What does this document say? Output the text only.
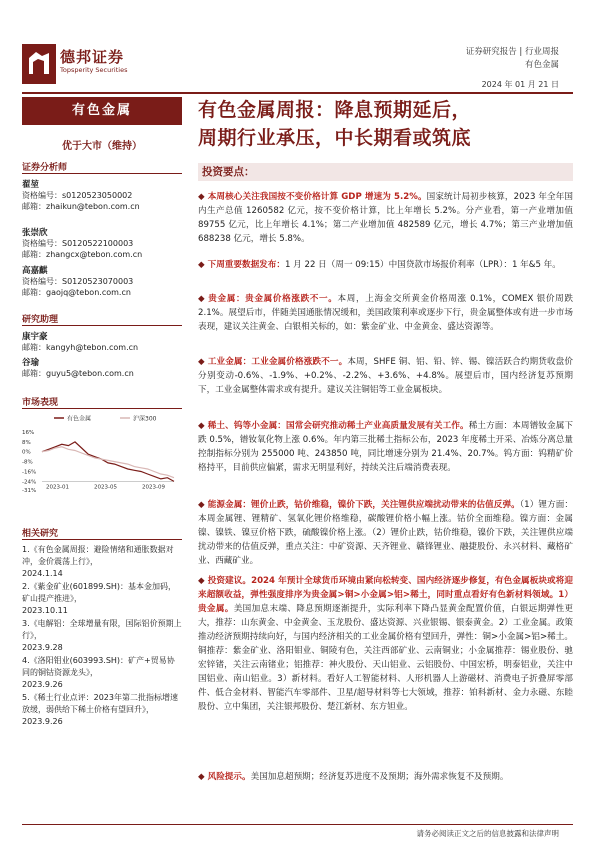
德邦证券
Topsperity Securities
证券研究报告 | 行业周报
有色金属
2024 年 01 月 21 日
有色金属
优于大市（维持）
证券分析师
翟堃
资格编号：s0120523050002
邮箱：zhaikun@tebon.com.cn
张崇欣
资格编号：S0120522100003
邮箱：zhangcx@tebon.com.cn
高嘉麒
资格编号：S0120523070003
邮箱：gaojq@tebon.com.cn
研究助理
康宇豪
邮箱：kangyh@tebon.com.cn
谷瑜
邮箱：guyu5@tebon.com.cn
市场表现
有色金属	沪深300
16%
8%
0%
-8%
-16%
-24%
-31%
2023-01	2023-05	2023-09
相关研究
1.《有色金属周报：避险情绪和通胀数据对冲，金价震荡上行》，
2024.1.14
2.《紫金矿业(601899.SH)：基本金加码，矿山提产推进》，
2023.10.11
3.《电解铝：全球增量有限，国际铝价预期上行》，
2023.9.28
4.《洛阳钼业(603993.SH)：矿产+贸易协同的铜钴资源龙头》，
2023.9.26
5.《稀土行业点评：2023年第二批指标增速放缓，弱供给下稀土价格有望回升》，
2023.9.26
有色金属周报：降息预期延后，
周期行业承压，中长期看或筑底
投资要点：
◆ 本周核心关注我国按不变价格计算 GDP 增速为 5.2%。国家统计局初步核算，2023 年全年国内生产总值 1260582 亿元，按不变价格计算，比上年增长 5.2%。分产业看，第一产业增加值 89755 亿元，比上年增长 4.1%；第二产业增加值 482589 亿元，增长 4.7%；第三产业增加值 688238 亿元，增长 5.8%。
◆ 下周重要数据发布：1 月 22 日（周一 09:15）中国贷款市场报价利率（LPR）：1 年&5 年。
◆ 贵金属：贵金属价格涨跌不一。本周，上海金交所黄金价格周涨 0.1%，COMEX 银价周跌 2.1%。展望后市，伴随美国通胀情况缓和，美国政策利率或逐步下行，贵金属整体或有进一步市场表现，建议关注黄金、白银相关标的，如：紫金矿业、中金黄金、盛达资源等。
◆ 工业金属：工业金属价格涨跌不一。本周，SHFE 铜、铝、铅、锌、锡、镍活跃合约期货收盘价分别变动-0.6%、-1.9%、+0.2%、-2.2%、+3.6%、+4.8%。展望后市，国内经济复苏预期下，工业金属整体需求或有提升。建议关注铜铝等工业金属板块。
◆ 稀土、钨等小金属：国常会研究推动稀土产业高质量发展有关工作。稀土方面：本周镨钕金属下跌 0.5%，镨钕氧化物上涨 0.6%。年内第三批稀土指标公布，2023 年度稀土开采、冶炼分离总量控制指标分别为 255000 吨、243850 吨，同比增速分别为 21.4%、20.7%。钨方面：钨精矿价格持平，目前供应偏紧，需求无明显利好，持续关注后端消费表现。
◆ 能源金属：锂价止跌，钴价维稳，镍价下跌，关注锂供应端扰动带来的估值反弹。（1）锂方面：本周金属锂、锂精矿、氢氧化锂价格维稳，碳酸锂价格小幅上涨。钴价全面维稳。镍方面：金属镍、镍铁、镍豆价格下跌，硫酸镍价格上涨。（2）锂价止跌，钴价维稳，镍价下跌，关注锂供应端扰动带来的估值反弹，重点关注：中矿资源、天齐锂业、赣锋锂业、融捷股份、永兴材料、藏格矿业、西藏矿业。
◆ 投资建议。2024 年预计全球货币环境由紧向松转变、国内经济逐步修复，有色金属板块或将迎来超额收益，弹性强度排序为贵金属>铜>小金属>铝>稀土，同时重点看好有色新材料领域。1）贵金属。美国加息末端、降息预期逐渐提升，实际利率下降凸显黄金配置价值，白银远期弹性更大，推荐：山东黄金、中金黄金、玉龙股份、盛达资源、兴业银锡、银泰黄金。2）工业金属。政策推动经济预期持续向好，与国内经济相关的工业金属价格有望回升，弹性：铜>小金属>铝>稀土。铜推荐：紫金矿业、洛阳钼业、铜陵有色，关注西部矿业、云南铜业；小金属推荐：锡业股份、驰宏锌锗，关注云南锗业；铝推荐：神火股份、天山铝业、云铝股份、中国宏桥，明泰铝业，关注中国铝业、南山铝业。3）新材料。看好人工智能材料、人形机器人上游磁材、消费电子折叠屏零部件、低合金材料、智能汽车零部件、卫星/超导材料等七大领域，推荐：铂科新材、金力永磁、东睦股份、立中集团，关注银邦股份、楚江新材、东方钽业。
◆ 风险提示。美国加息超预期；经济复苏进度不及预期；海外需求恢复不及预期。
请务必阅读正文之后的信息披露和法律声明
